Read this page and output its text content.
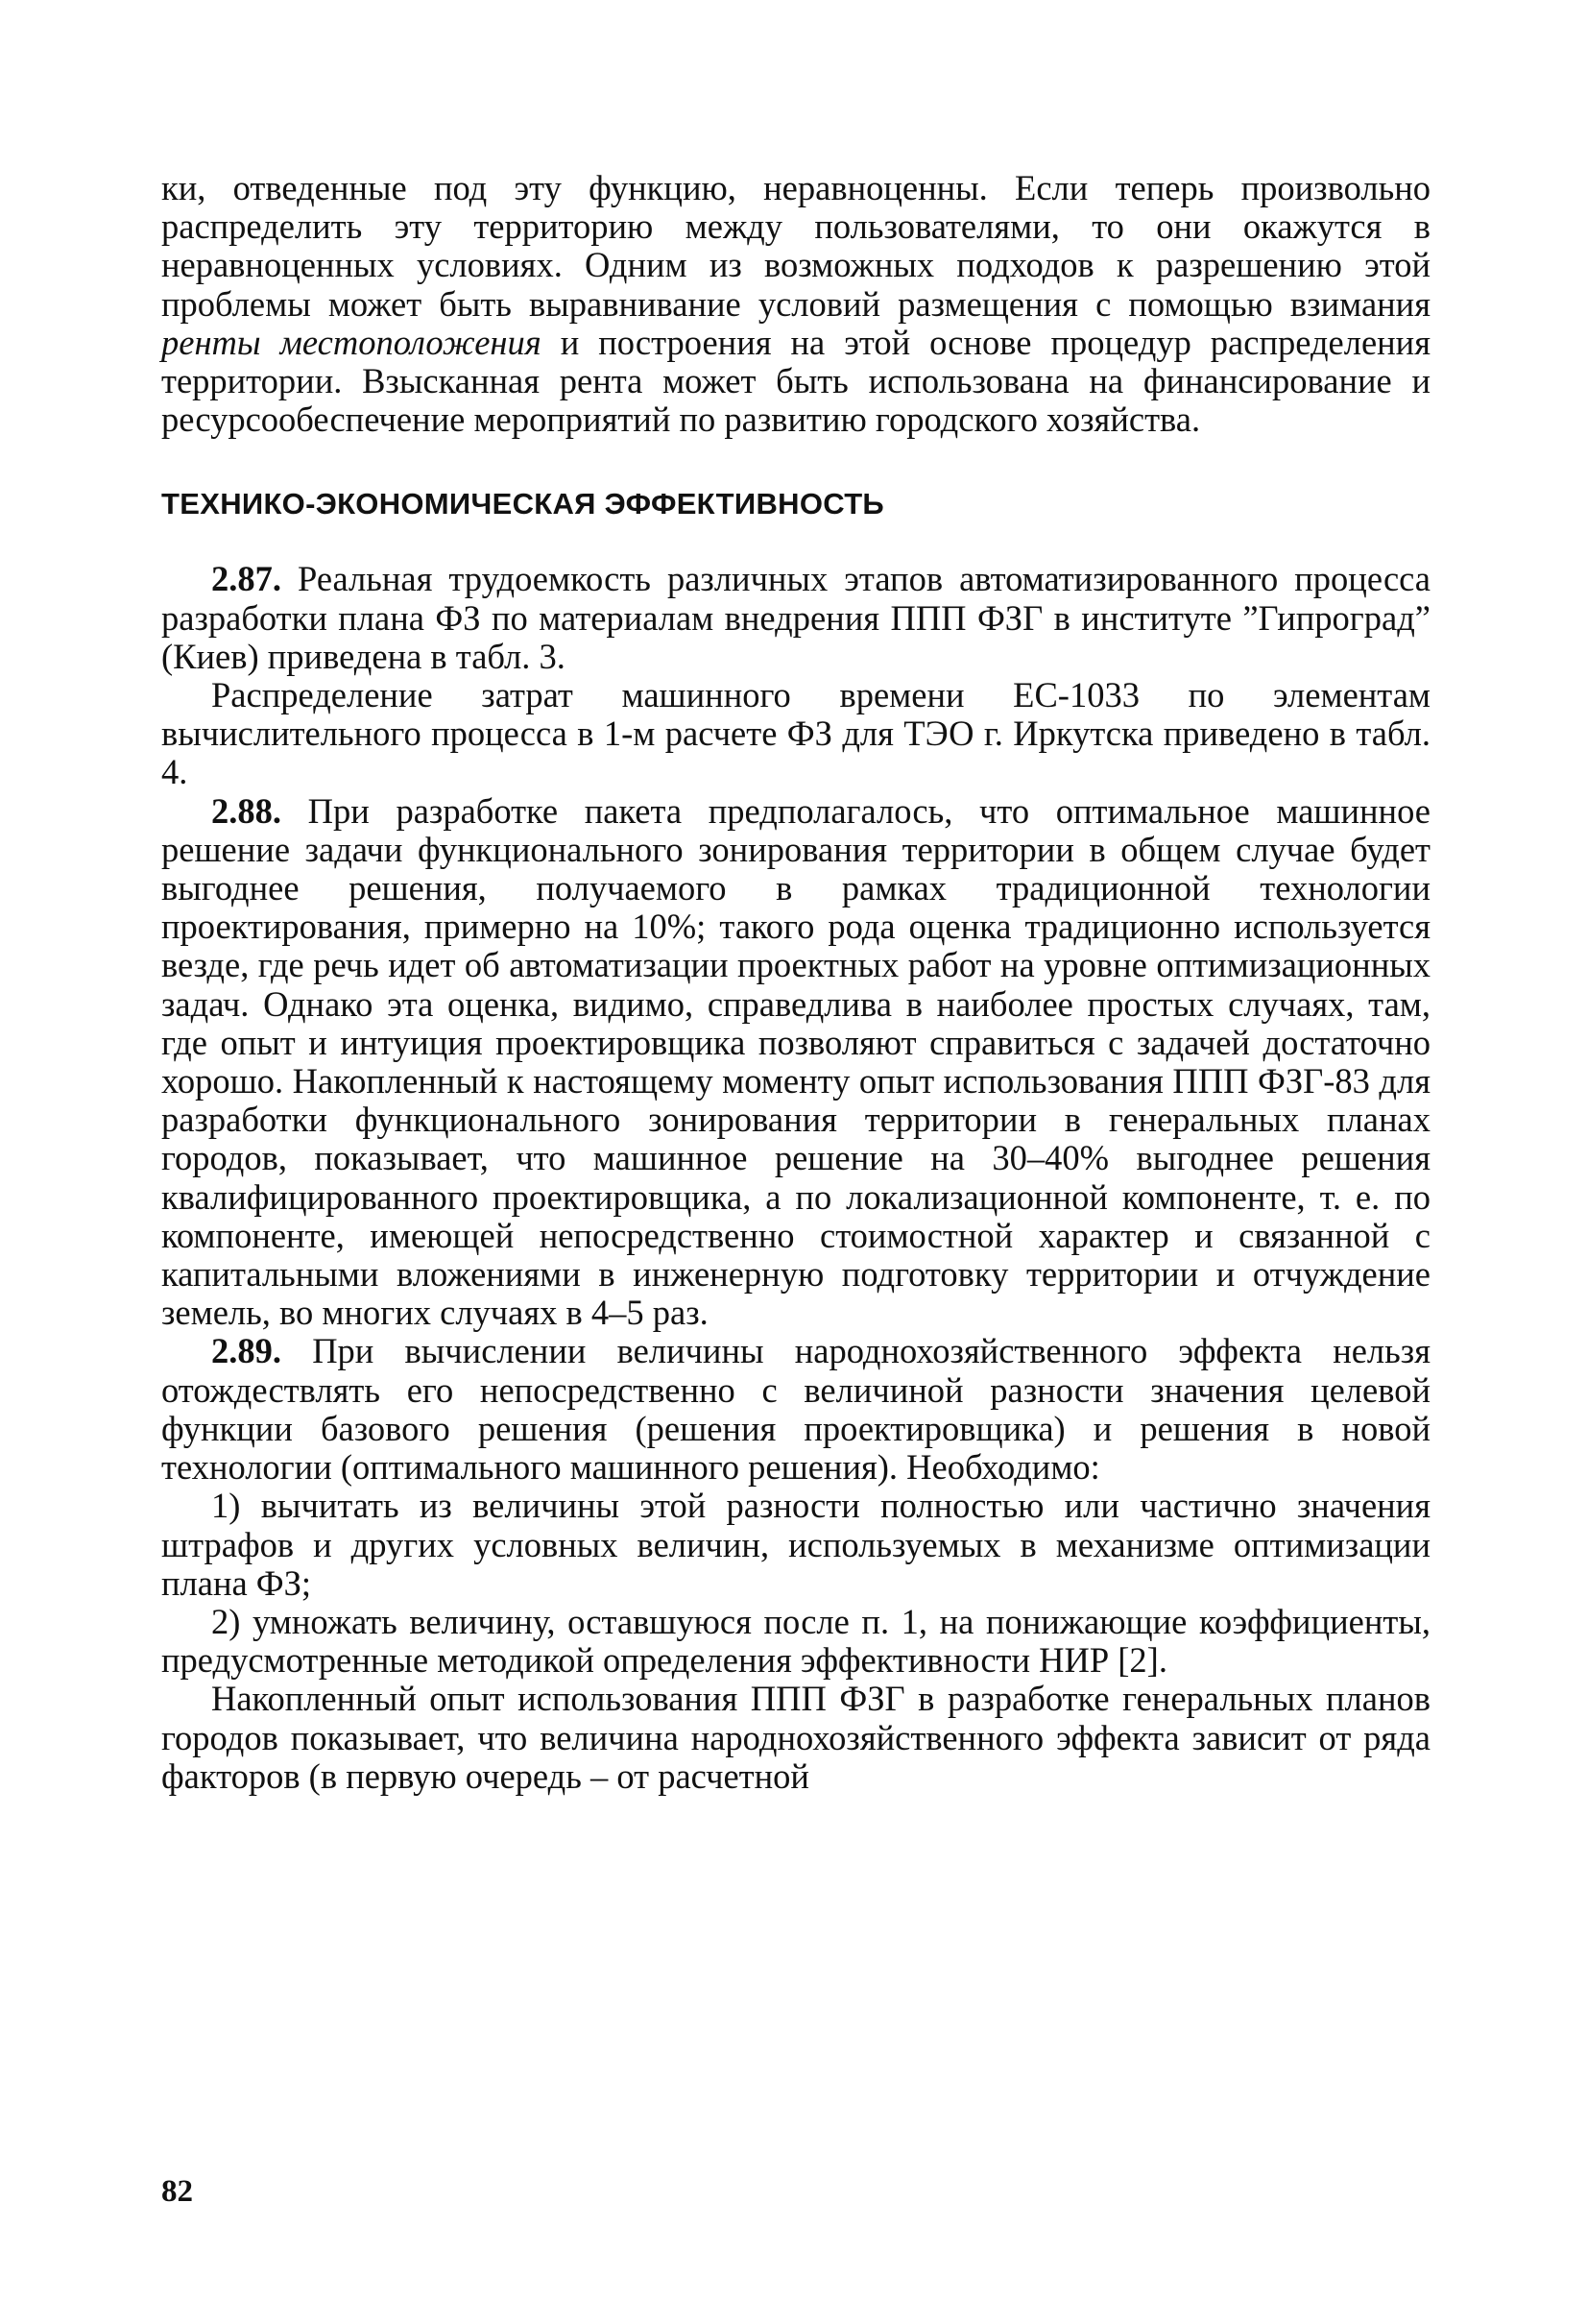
ки, отведенные под эту функцию, неравноценны. Если теперь произвольно распределить эту территорию между пользователями, то они окажутся в неравноценных условиях. Одним из возможных подходов к разрешению этой проблемы может быть выравнивание условий размещения с помощью взимания ренты местоположения и построения на этой основе процедур распределения территории. Взысканная рента может быть использована на финансирование и ресурсообеспечение мероприятий по развитию городского хозяйства.

ТЕХНИКО-ЭКОНОМИЧЕСКАЯ ЭФФЕКТИВНОСТЬ

2.87. Реальная трудоемкость различных этапов автоматизированного процесса разработки плана ФЗ по материалам внедрения ППП ФЗГ в институте ”Гипроград” (Киев) приведена в табл. 3.

Распределение затрат машинного времени ЕС-1033 по элементам вычислительного процесса в 1-м расчете ФЗ для ТЭО г. Иркутска приведено в табл. 4.

2.88. При разработке пакета предполагалось, что оптимальное машинное решение задачи функционального зонирования территории в общем случае будет выгоднее решения, получаемого в рамках традиционной технологии проектирования, примерно на 10%; такого рода оценка традиционно используется везде, где речь идет об автоматизации проектных работ на уровне оптимизационных задач. Однако эта оценка, видимо, справедлива в наиболее простых случаях, там, где опыт и интуиция проектировщика позволяют справиться с задачей достаточно хорошо. Накопленный к настоящему моменту опыт использования ППП ФЗГ-83 для разработки функционального зонирования территории в генеральных планах городов, показывает, что машинное решение на 30–40% выгоднее решения квалифицированного проектировщика, а по локализационной компоненте, т. е. по компоненте, имеющей непосредственно стоимостной характер и связанной с капитальными вложениями в инженерную подготовку территории и отчуждение земель, во многих случаях в 4–5 раз.

2.89. При вычислении величины народнохозяйственного эффекта нельзя отождествлять его непосредственно с величиной разности значения целевой функции базового решения (решения проектировщика) и решения в новой технологии (оптимального машинного решения). Необходимо:

1) вычитать из величины этой разности полностью или частично значения штрафов и других условных величин, используемых в механизме оптимизации плана ФЗ;

2) умножать величину, оставшуюся после п. 1, на понижающие коэффициенты, предусмотренные методикой определения эффективности НИР [2].

Накопленный опыт использования ППП ФЗГ в разработке генеральных планов городов показывает, что величина народнохозяйственного эффекта зависит от ряда факторов (в первую очередь – от расчетной

82
